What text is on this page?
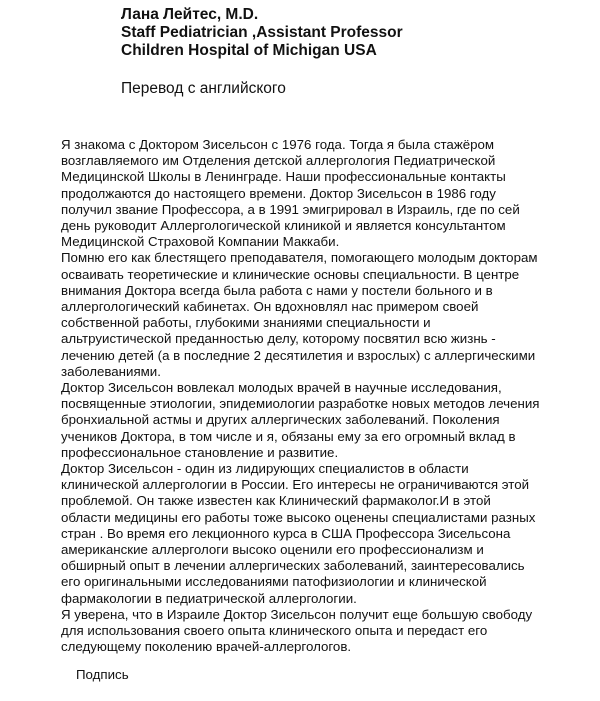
Лана Лейтес, M.D.
Staff Pediatrician ,Assistant Professor
Children Hospital of Michigan USA
Перевод с английского
Я знакома с Доктором Зисельсон с 1976 года. Тогда я была стажёром
возглавляемого им Отделения детской аллергология Педиатрической
Медицинской Школы в Ленинграде. Наши профессиональные контакты
продолжаются до настоящего времени. Доктор Зисельсон в 1986 году
получил звание Профессора, а в 1991 эмигрировал в Израиль, где по сей
день руководит Аллергологической клиникой и является консультантом
Медицинской Страховой Компании Маккаби.
Помню его как блестящего преподавателя, помогающего молодым докторам
осваивать теоретические и клинические основы специальности. В центре
внимания Доктора всегда была работа с нами у постели больного и в
аллергологический кабинетах. Он вдохновлял нас примером своей
собственной работы, глубокими знаниями специальности и
альтруистической преданностью делу, которому посвятил всю жизнь -
лечению детей (а в последние 2 десятилетия и взрослых) с аллергическими
заболеваниями.
Доктор Зисельсон вовлекал молодых врачей в научные исследования,
посвященные этиологии, эпидемиологии разработке новых методов лечения
бронхиальной астмы и других аллергических заболеваний. Поколения
учеников Доктора, в том числе и я, обязаны ему за его огромный вклад в
профессиональное становление и развитие.
Доктор Зисельсон - один из лидирующих специалистов в области
клинической аллергологии в России. Его интересы не ограничиваются этой
проблемой. Он также известен как Клинический фармаколог.И в этой
области медицины его работы тоже высоко оценены специалистами разных
стран . Во время его лекционного курса в США Профессора Зисельсона
американские аллергологи высоко оценили его профессионализм и
обширный опыт в лечении аллергических заболеваний, заинтересовались
его оригинальными исследованиями патофизиологии и клинической
фармакологии в педиатрической аллергологии.
Я уверена, что в Израиле Доктор Зисельсон получит еще большую свободу
для использования своего опыта клинического опыта и передаст его
следующему поколению врачей-аллергологов.
Подпись
